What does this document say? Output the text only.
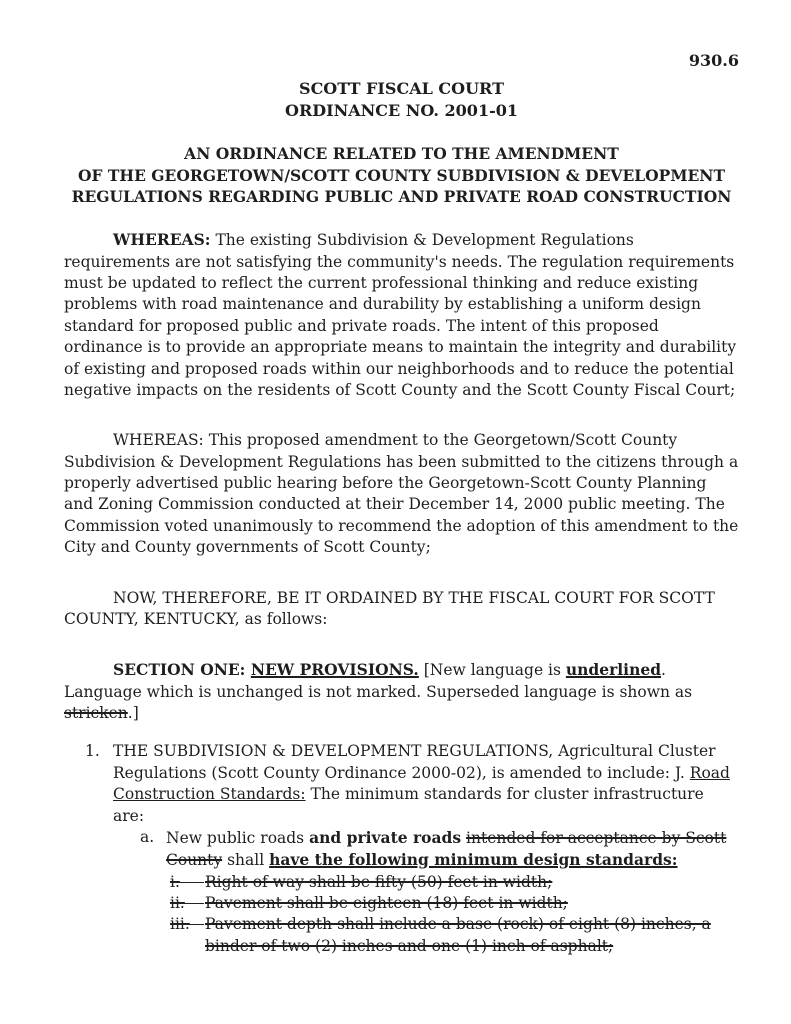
930.6
SCOTT FISCAL COURT
ORDINANCE NO. 2001-01
AN ORDINANCE RELATED TO THE AMENDMENT
OF THE GEORGETOWN/SCOTT COUNTY SUBDIVISION & DEVELOPMENT
REGULATIONS REGARDING PUBLIC AND PRIVATE ROAD CONSTRUCTION

WHEREAS: The existing Subdivision & Development Regulations requirements are not satisfying the community's needs. The regulation requirements must be updated to reflect the current professional thinking and reduce existing problems with road maintenance and durability by establishing a uniform design standard for proposed public and private roads. The intent of this proposed ordinance is to provide an appropriate means to maintain the integrity and durability of existing and proposed roads within our neighborhoods and to reduce the potential negative impacts on the residents of Scott County and the Scott County Fiscal Court;

WHEREAS: This proposed amendment to the Georgetown/Scott County Subdivision & Development Regulations has been submitted to the citizens through a properly advertised public hearing before the Georgetown-Scott County Planning and Zoning Commission conducted at their December 14, 2000 public meeting. The Commission voted unanimously to recommend the adoption of this amendment to the City and County governments of Scott County;

NOW, THEREFORE, BE IT ORDAINED BY THE FISCAL COURT FOR SCOTT COUNTY, KENTUCKY, as follows:

SECTION ONE: NEW PROVISIONS. [New language is underlined. Language which is unchanged is not marked. Superseded language is shown as stricken.]

1. THE SUBDIVISION & DEVELOPMENT REGULATIONS, Agricultural Cluster Regulations (Scott County Ordinance 2000-02), is amended to include: J. Road Construction Standards: The minimum standards for cluster infrastructure are:
a. New public roads and private roads intended for acceptance by Scott County shall have the following minimum design standards:
i.	Right of way shall be fifty (50) feet in width;
ii.	Pavement shall be eighteen (18) feet in width;
iii. Pavement depth shall include a base (rock) of eight (8) inches, a binder of two (2) inches and one (1) inch of asphalt;
